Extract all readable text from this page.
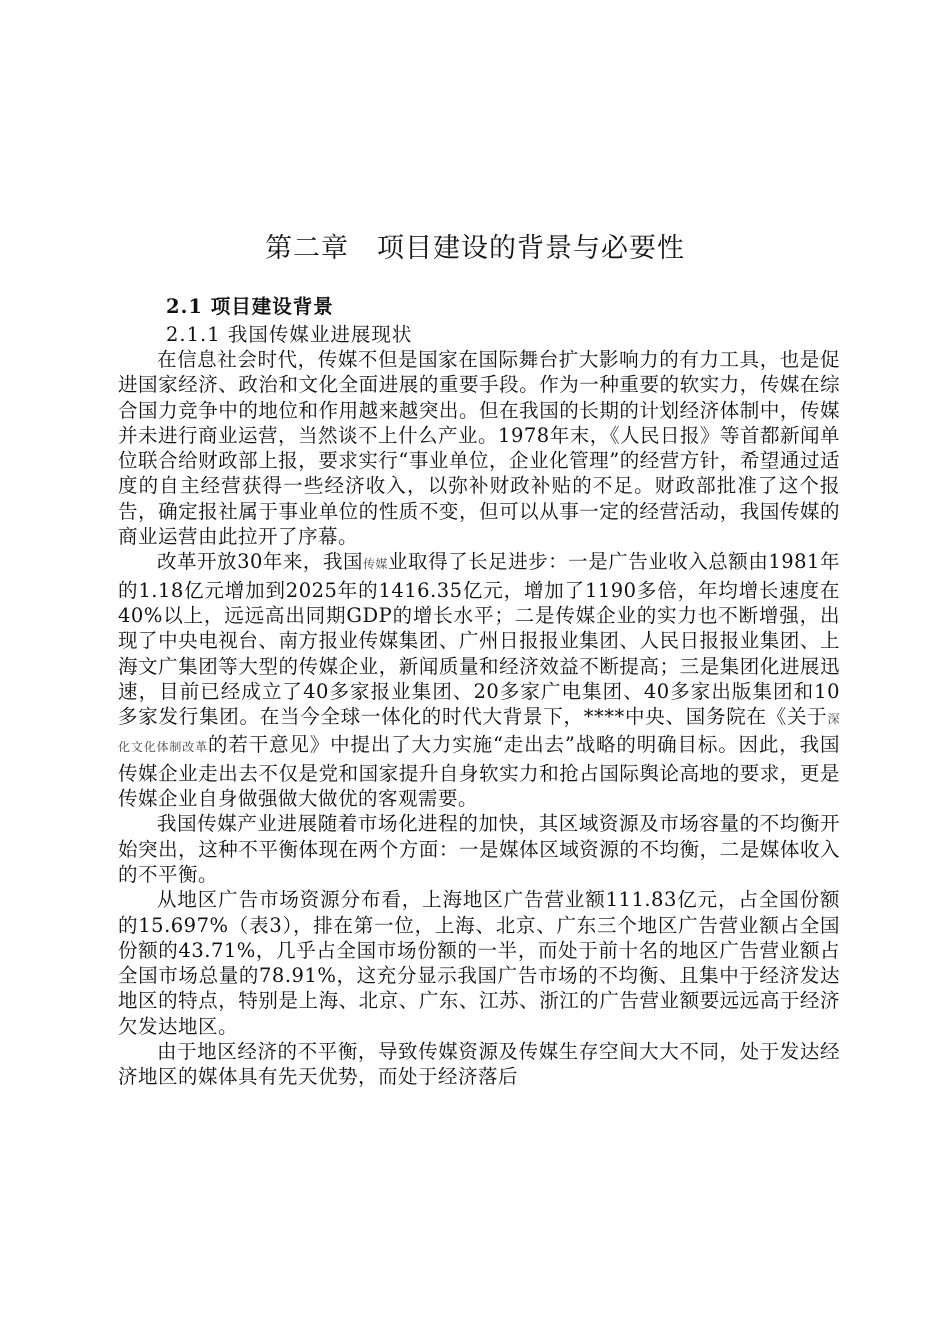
第二章　项目建设的背景与必要性
2.1 项目建设背景
2.1.1 我国传媒业进展现状

在信息社会时代，传媒不但是国家在国际舞台扩大影响力的有力工具，也是促进国家经济、政治和文化全面进展的重要手段。作为一种重要的软实力，传媒在综合国力竞争中的地位和作用越来越突出。但在我国的长期的计划经济体制中，传媒并未进行商业运营，当然谈不上什么产业。1978年末，《人民日报》等首都新闻单位联合给财政部上报，要求实行“事业单位，企业化管理”的经营方针，希望通过适度的自主经营获得一些经济收入，以弥补财政补贴的不足。财政部批准了这个报告，确定报社属于事业单位的性质不变，但可以从事一定的经营活动，我国传媒的商业运营由此拉开了序幕。

改革开放30年来，我国传媒业取得了长足进步：一是广告业收入总额由1981年的1.18亿元增加到2025年的1416.35亿元，增加了1190多倍，年均增长速度在40%以上，远远高出同期GDP的增长水平；二是传媒企业的实力也不断增强，出现了中央电视台、南方报业传媒集团、广州日报报业集团、人民日报报业集团、上海文广集团等大型的传媒企业，新闻质量和经济效益不断提高；三是集团化进展迅速，目前已经成立了40多家报业集团、20多家广电集团、40多家出版集团和10多家发行集团。在当今全球一体化的时代大背景下，****中央、国务院在《关于深化文化体制改革的若干意见》中提出了大力实施“走出去”战略的明确目标。因此，我国传媒企业走出去不仅是党和国家提升自身软实力和抢占国际舆论高地的要求，更是传媒企业自身做强做大做优的客观需要。

我国传媒产业进展随着市场化进程的加快，其区域资源及市场容量的不均衡开始突出，这种不平衡体现在两个方面：一是媒体区域资源的不均衡，二是媒体收入的不平衡。

从地区广告市场资源分布看，上海地区广告营业额111.83亿元，占全国份额的15.697%（表3），排在第一位，上海、北京、广东三个地区广告营业额占全国份额的43.71%，几乎占全国市场份额的一半，而处于前十名的地区广告营业额占全国市场总量的78.91%，这充分显示我国广告市场的不均衡、且集中于经济发达地区的特点，特别是上海、北京、广东、江苏、浙江的广告营业额要远远高于经济欠发达地区。

由于地区经济的不平衡，导致传媒资源及传媒生存空间大大不同，处于发达经济地区的媒体具有先天优势，而处于经济落后
